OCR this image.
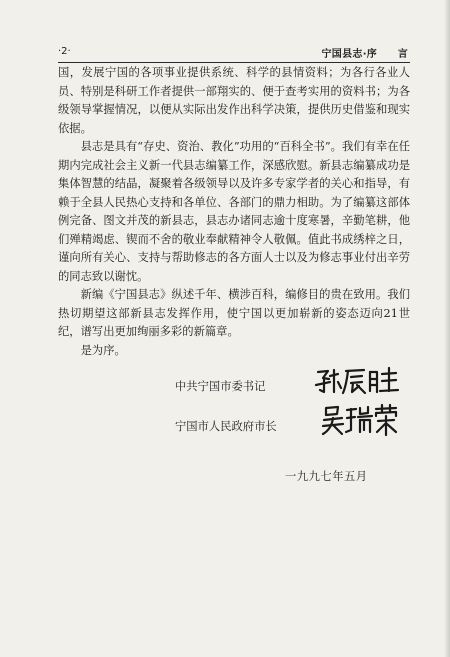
·2·	宁国县志·序　　言

国，发展宁国的各项事业提供系统、科学的县情资料；为各行各业人员、特别是科研工作者提供一部翔实的、便于查考实用的资料书；为各级领导掌握情况，以便从实际出发作出科学决策，提供历史借鉴和现实依据。

县志是具有“存史、资治、教化”功用的“百科全书”。我们有幸在任期内完成社会主义新一代县志编纂工作，深感欣慰。新县志编纂成功是集体智慧的结晶，凝聚着各级领导以及许多专家学者的关心和指导，有赖于全县人民热心支持和各单位、各部门的鼎力相助。为了编纂这部体例完备、图文并茂的新县志，县志办诸同志逾十度寒暑，辛勤笔耕，他们殚精竭虑、锲而不舍的敬业奉献精神令人敬佩。值此书成绣梓之日，谨向所有关心、支持与帮助修志的各方面人士以及为修志事业付出辛劳的同志致以谢忱。

新编《宁国县志》纵述千年、横涉百科，编修目的贵在致用。我们热切期望这部新县志发挥作用，使宁国以更加崭新的姿态迈向21世纪，谱写出更加绚丽多彩的新篇章。

是为序。

中共宁国市委书记
宁国市人民政府市长
一九九七年五月
